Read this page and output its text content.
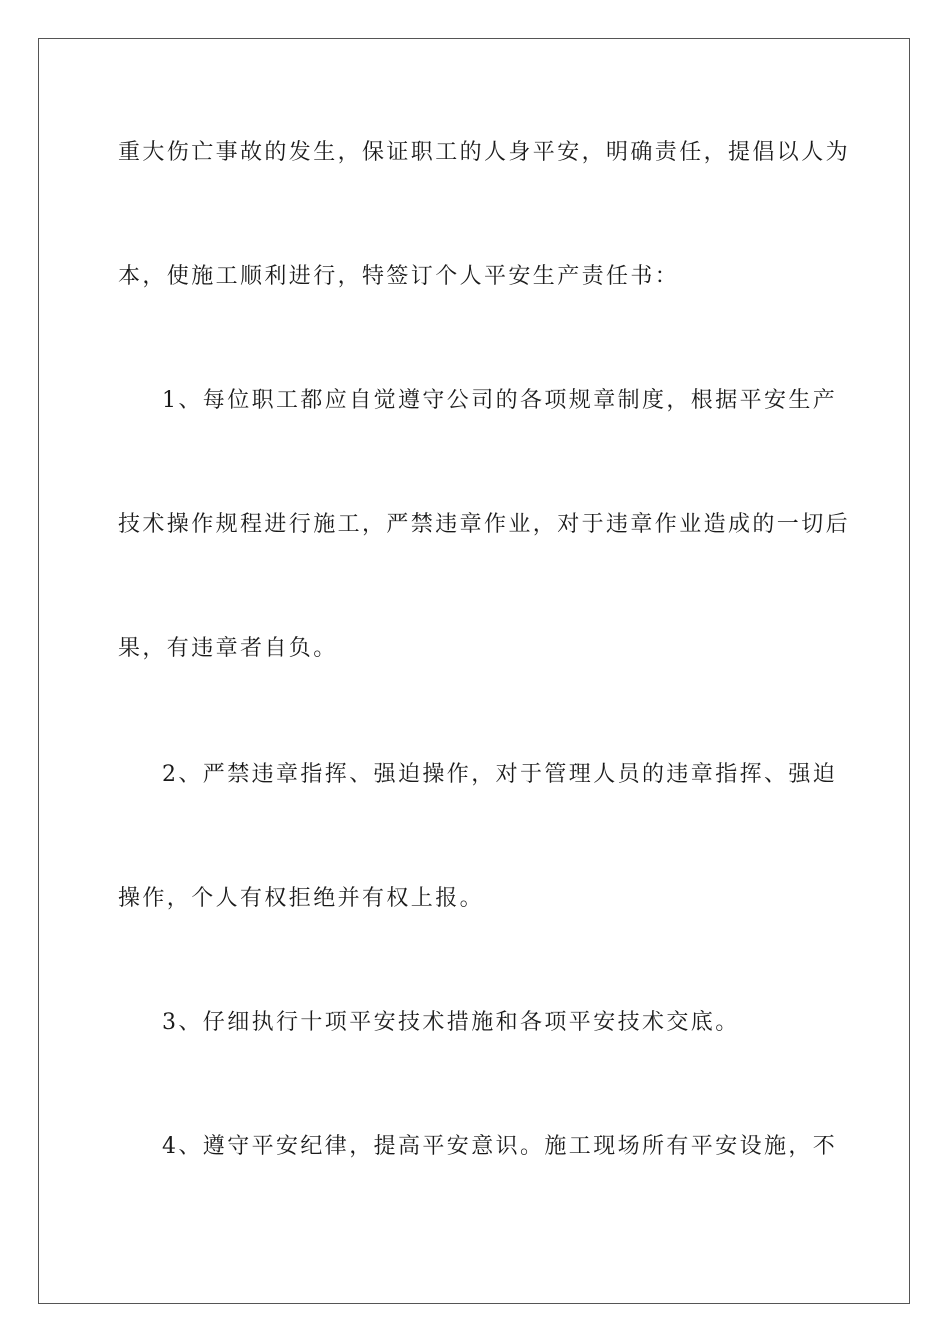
重大伤亡事故的发生，保证职工的人身平安，明确责任，提倡以人为
本，使施工顺利进行，特签订个人平安生产责任书：
1、每位职工都应自觉遵守公司的各项规章制度，根据平安生产
技术操作规程进行施工，严禁违章作业，对于违章作业造成的一切后
果，有违章者自负。
2、严禁违章指挥、强迫操作，对于管理人员的违章指挥、强迫
操作，个人有权拒绝并有权上报。
3、仔细执行十项平安技术措施和各项平安技术交底。
4、遵守平安纪律，提高平安意识。施工现场所有平安设施，不
